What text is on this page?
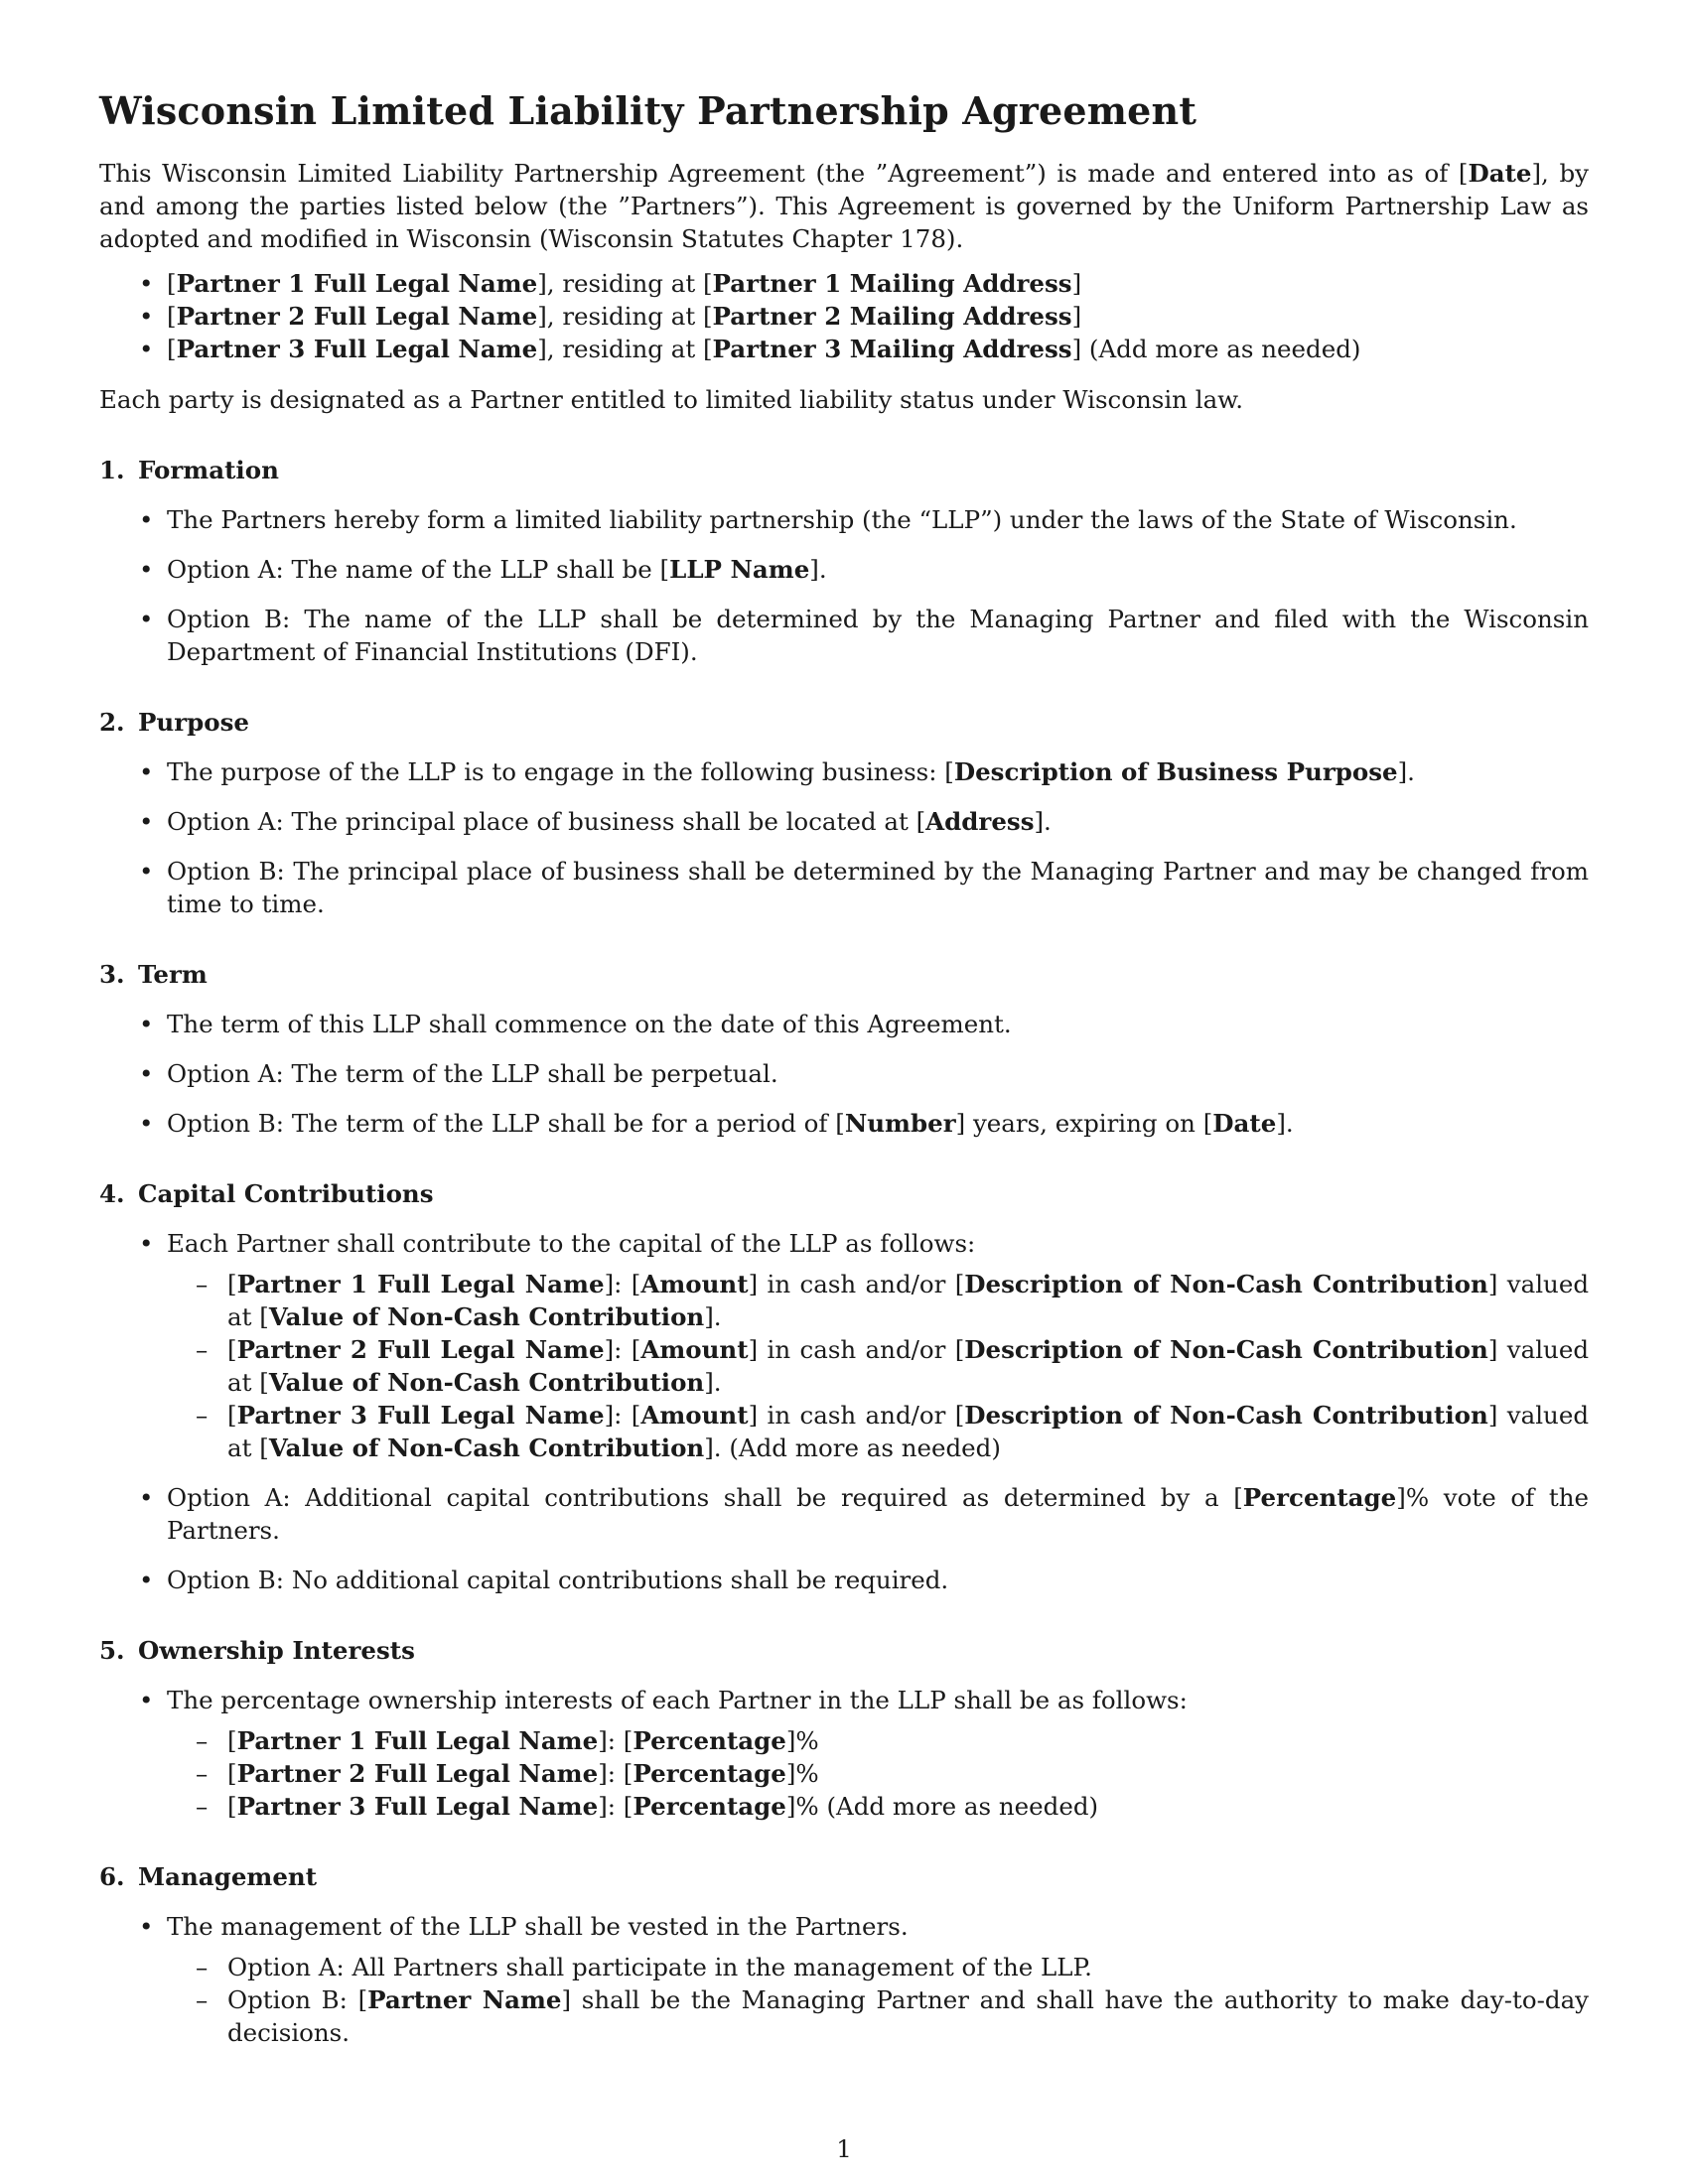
Wisconsin Limited Liability Partnership Agreement

This Wisconsin Limited Liability Partnership Agreement (the ”Agreement”) is made and entered into as of [Date], by and among the parties listed below (the ”Partners”). This Agreement is governed by the Uniform Partnership Law as adopted and modified in Wisconsin (Wisconsin Statutes Chapter 178).

• [Partner 1 Full Legal Name], residing at [Partner 1 Mailing Address]
• [Partner 2 Full Legal Name], residing at [Partner 2 Mailing Address]
• [Partner 3 Full Legal Name], residing at [Partner 3 Mailing Address] (Add more as needed)

Each party is designated as a Partner entitled to limited liability status under Wisconsin law.

1. Formation
• The Partners hereby form a limited liability partnership (the “LLP”) under the laws of the State of Wisconsin.
• Option A: The name of the LLP shall be [LLP Name].
• Option B: The name of the LLP shall be determined by the Managing Partner and filed with the Wisconsin Department of Financial Institutions (DFI).
2. Purpose
• The purpose of the LLP is to engage in the following business: [Description of Business Purpose].
• Option A: The principal place of business shall be located at [Address].
• Option B: The principal place of business shall be determined by the Managing Partner and may be changed from time to time.
3. Term
• The term of this LLP shall commence on the date of this Agreement.
• Option A: The term of the LLP shall be perpetual.
• Option B: The term of the LLP shall be for a period of [Number] years, expiring on [Date].
4. Capital Contributions
• Each Partner shall contribute to the capital of the LLP as follows:
– [Partner 1 Full Legal Name]: [Amount] in cash and/or [Description of Non-Cash Contribution] valued at [Value of Non-Cash Contribution].
– [Partner 2 Full Legal Name]: [Amount] in cash and/or [Description of Non-Cash Contribution] valued at [Value of Non-Cash Contribution].
– [Partner 3 Full Legal Name]: [Amount] in cash and/or [Description of Non-Cash Contribution] valued at [Value of Non-Cash Contribution]. (Add more as needed)
• Option A: Additional capital contributions shall be required as determined by a [Percentage]% vote of the Partners.
• Option B: No additional capital contributions shall be required.
5. Ownership Interests
• The percentage ownership interests of each Partner in the LLP shall be as follows:
– [Partner 1 Full Legal Name]: [Percentage]%
– [Partner 2 Full Legal Name]: [Percentage]%
– [Partner 3 Full Legal Name]: [Percentage]% (Add more as needed)
6. Management
• The management of the LLP shall be vested in the Partners.
– Option A: All Partners shall participate in the management of the LLP.
– Option B: [Partner Name] shall be the Managing Partner and shall have the authority to make day-to-day decisions.
1
